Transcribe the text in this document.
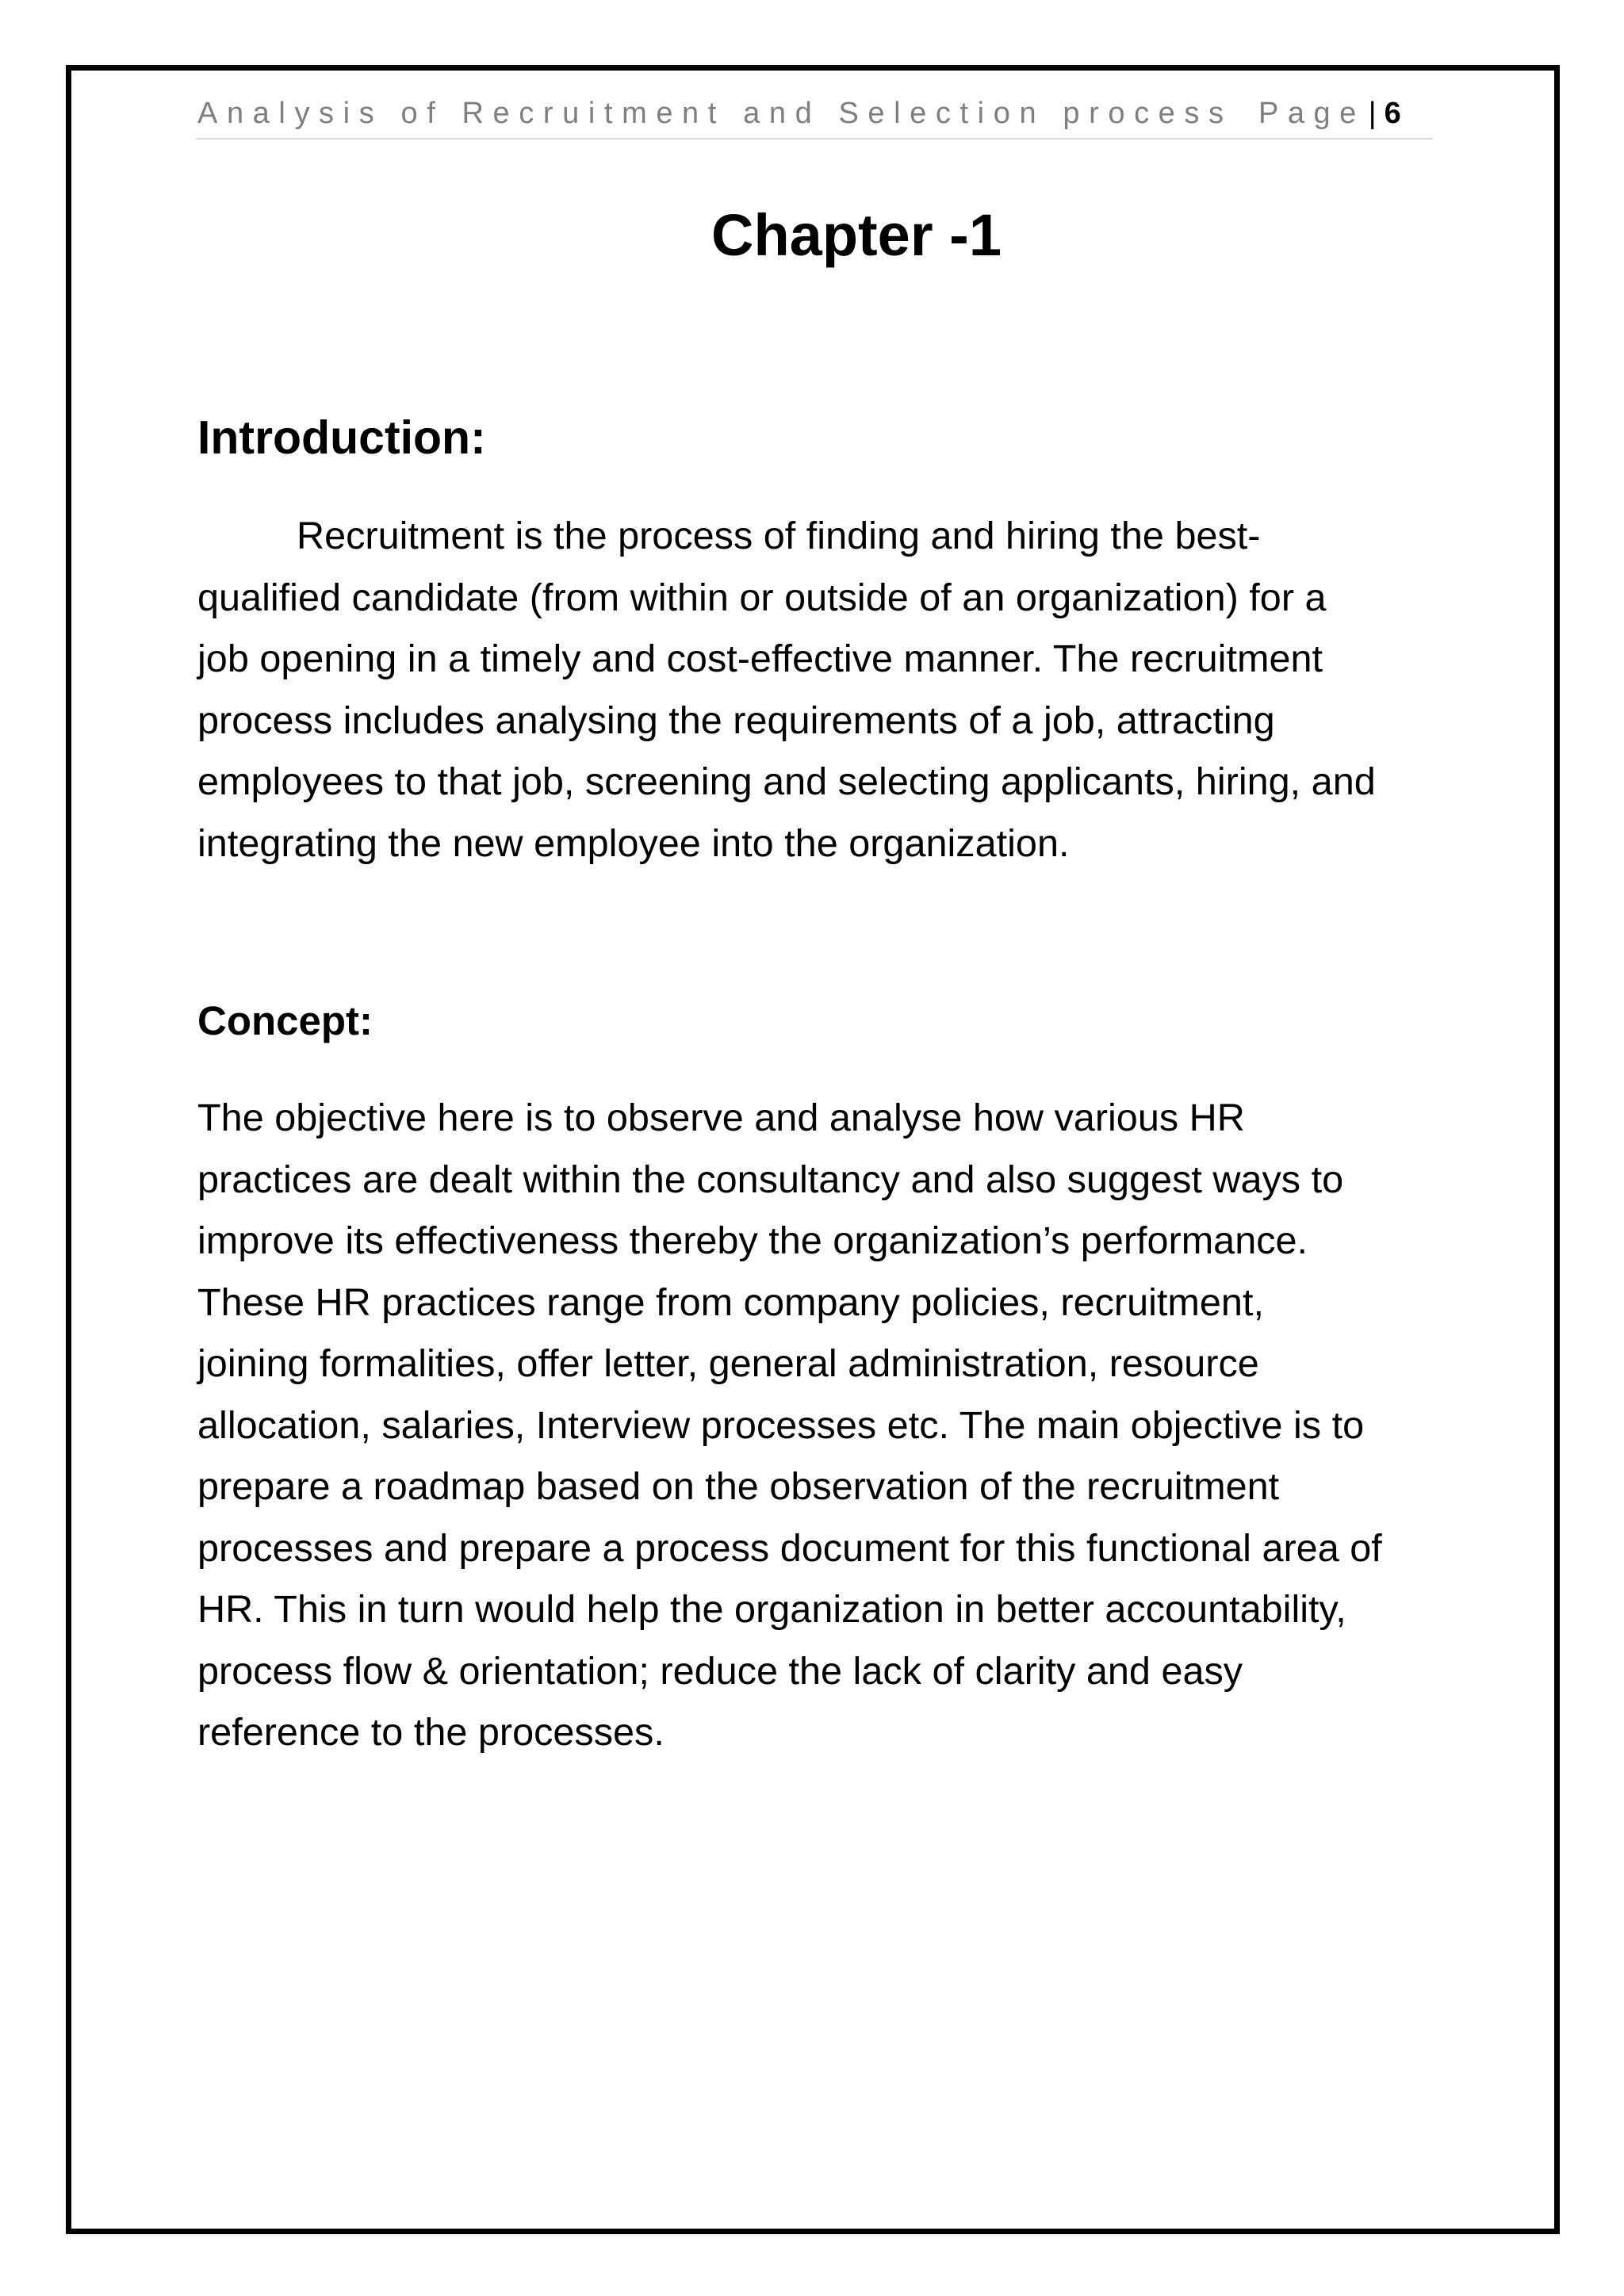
Analysis of Recruitment and Selection process Page | 6
Chapter -1
Introduction:

Recruitment is the process of finding and hiring the best-
qualified candidate (from within or outside of an organization) for a
job opening in a timely and cost-effective manner. The recruitment
process includes analysing the requirements of a job, attracting
employees to that job, screening and selecting applicants, hiring, and
integrating the new employee into the organization.

Concept:

The objective here is to observe and analyse how various HR
practices are dealt within the consultancy and also suggest ways to
improve its effectiveness thereby the organization’s performance.
These HR practices range from company policies, recruitment,
joining formalities, offer letter, general administration, resource
allocation, salaries, Interview processes etc. The main objective is to
prepare a roadmap based on the observation of the recruitment
processes and prepare a process document for this functional area of
HR. This in turn would help the organization in better accountability,
process flow & orientation; reduce the lack of clarity and easy
reference to the processes.
